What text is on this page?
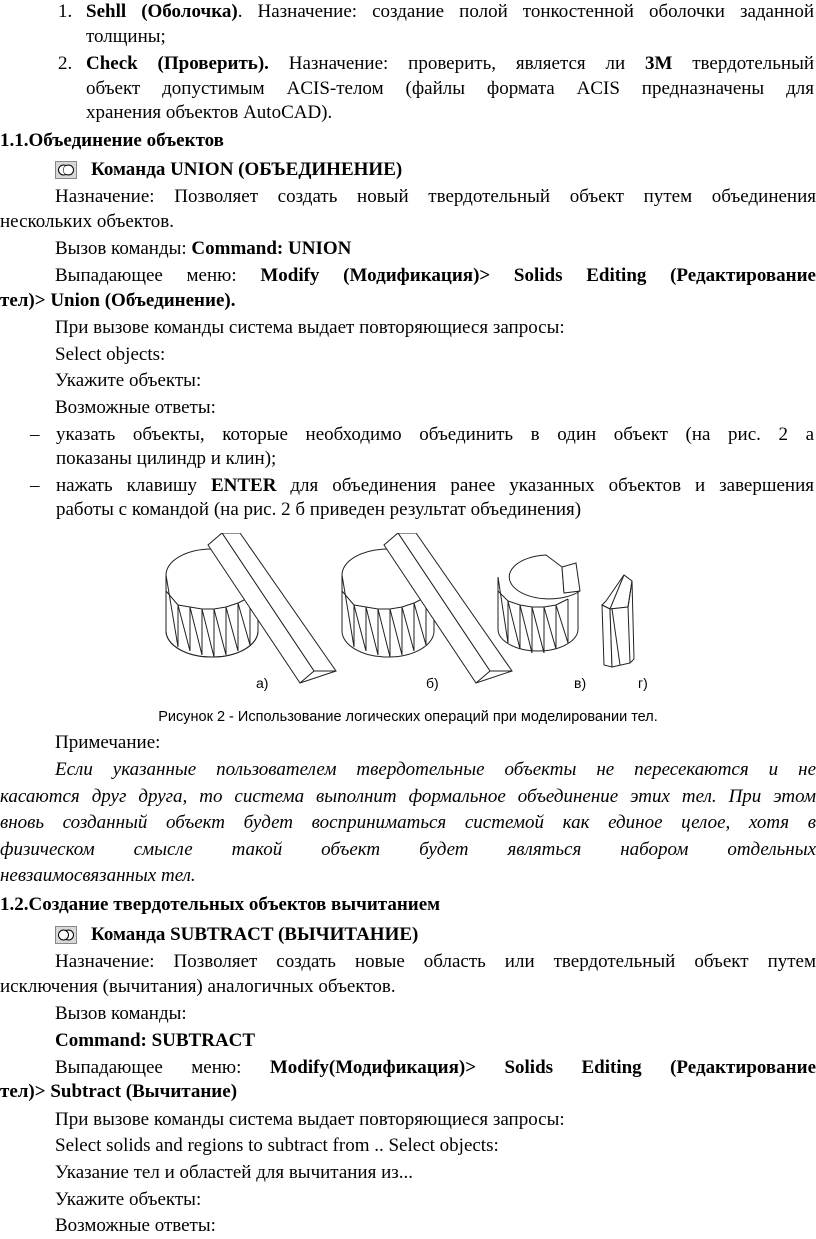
1. Sehll (Оболочка). Назначение: создание полой тонкостенной оболочки заданной

толщины;

2. Check (Проверить). Назначение: проверить, является ли 3M твердотельный

объект допустимым ACIS-телом (файлы формата ACIS предназначены для

хранения объектов AutoCAD).

1.1.Объединение объектов

Команда UNION (ОБЪЕДИНЕНИЕ)

Назначение: Позволяет создать новый твердотельный объект путем объединения

нескольких объектов.

Вызов команды: Command: UNION

Выпадающее меню: Modify (Модификация)> Solids Editing (Редактирование

тел)> Union (Объединение).

При вызове команды система выдает повторяющиеся запросы:

Select objects:

Укажите объекты:

Возможные ответы:

– указать объекты, которые необходимо объединить в один объект (на рис. 2 а

показаны цилиндр и клин);

– нажать клавишу ENTER для объединения ранее указанных объектов и завершения

работы с командой (на рис. 2 б приведен результат объединения)

а)	б)	в)	г)

Рисунок 2 - Использование логических операций при моделировании тел.

Примечание:

Если указанные пользователем твердотельные объекты не пересекаются и не

касаются друг друга, то система выполнит формальное объединение этих тел. При этом

вновь созданный объект будет восприниматься системой как единое целое, хотя в

физическом смысле такой объект будет являться набором отдельных

невзаимосвязанных тел.

1.2.Создание твердотельных объектов вычитанием

Команда SUBTRACT (ВЫЧИТАНИЕ)

Назначение: Позволяет создать новые область или твердотельный объект путем

исключения (вычитания) аналогичных объектов.

Вызов команды:

Command: SUBTRACT

Выпадающее меню: Modify(Модификация)> Solids Editing (Редактирование

тел)> Subtract (Вычитание)

При вызове команды система выдает повторяющиеся запросы:

Select solids and regions to subtract from .. Select objects:

Указание тел и областей для вычитания из...

Укажите объекты:

Возможные ответы:
